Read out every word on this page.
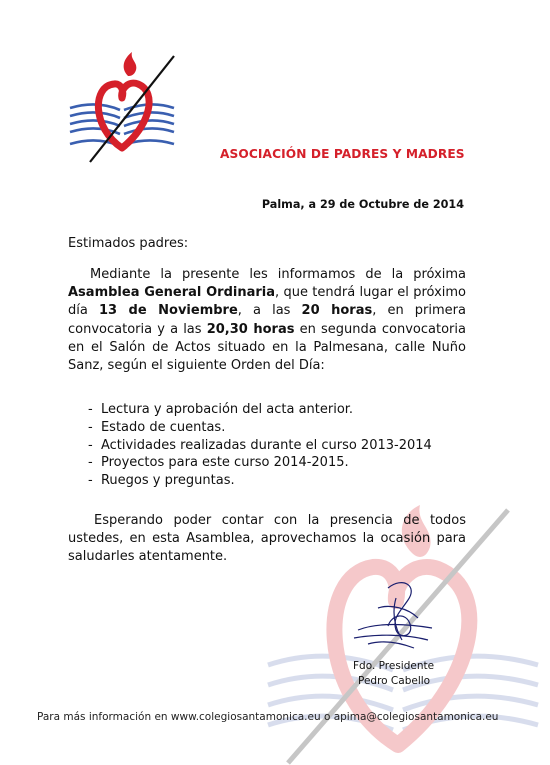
ASOCIACIÓN DE PADRES Y MADRES
Palma, a 29 de Octubre de 2014
Estimados padres:
Mediante la presente les informamos de la próxima Asamblea General Ordinaria, que tendrá lugar el próximo día 13 de Noviembre, a las 20 horas, en primera convocatoria y a las 20,30 horas en segunda convocatoria en el Salón de Actos situado en la Palmesana, calle Nuño Sanz, según el siguiente Orden del Día:
-  Lectura y aprobación del acta anterior.
-  Estado de cuentas.
-  Actividades realizadas durante el curso 2013-2014
-  Proyectos para este curso 2014-2015.
-  Ruegos y preguntas.
Esperando poder contar con la presencia de todos ustedes, en esta Asamblea, aprovechamos la ocasión para saludarles atentamente.
Fdo. Presidente
Pedro Cabello
Para más información en www.colegiosantamonica.eu o apima@colegiosantamonica.eu
